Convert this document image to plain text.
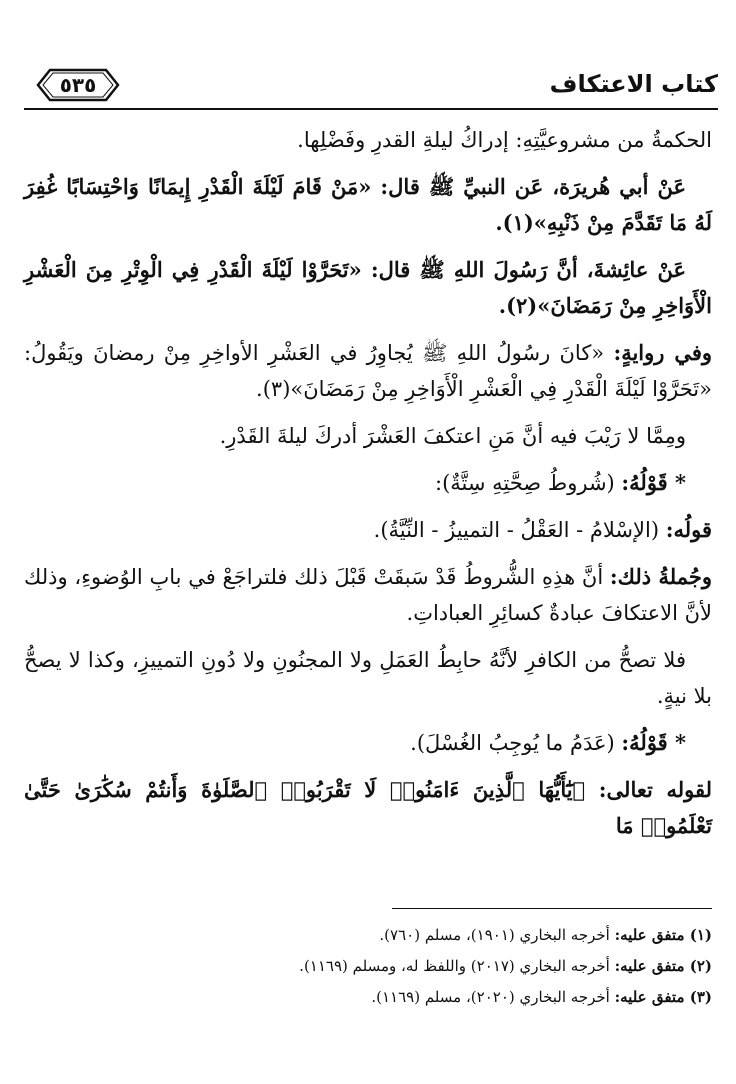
كتاب الاعتكاف
٥٣٥

الحكمةُ من مشروعيَّتِهِ: إدراكُ ليلةِ القدرِ وفَضْلِها.

عَنْ أبي هُريرَة، عَن النبيِّ ﷺ قال: «مَنْ قَامَ لَيْلَةَ الْقَدْرِ إِيمَانًا وَاحْتِسَابًا غُفِرَ لَهُ مَا تَقَدَّمَ مِنْ ذَنْبِهِ»(١).

عَنْ عائِشةَ، أنَّ رَسُولَ اللهِ ﷺ قال: «تَحَرَّوْا لَيْلَةَ الْقَدْرِ فِي الْوِتْرِ مِنَ الْعَشْرِ الْأَوَاخِرِ مِنْ رَمَضَانَ»(٢).

وفي روايةٍ: «كانَ رسُولُ اللهِ ﷺ يُجاوِرُ في العَشْرِ الأواخِرِ مِنْ رمضانَ ويَقُولُ: «تَحَرَّوْا لَيْلَةَ الْقَدْرِ فِي الْعَشْرِ الْأَوَاخِرِ مِنْ رَمَضَانَ»(٣).

ومِمَّا لا رَيْبَ فيه أنَّ مَنِ اعتكفَ العَشْرَ أدركَ ليلةَ القَدْرِ.

* قَوْلُهُ: (شُروطُ صِحَّتِهِ سِتَّةٌ):

قولُه: (الإسْلامُ - العَقْلُ - التمييزُ - النِّيَّةُ).

وجُملةُ ذلك: أنَّ هذِهِ الشُّروطُ قَدْ سَبقَتْ قَبْلَ ذلك فلتراجَعْ في بابِ الوُضوءِ، وذلك لأنَّ الاعتكافَ عبادةٌ كسائِرِ العباداتِ.

فلا تصحُّ من الكافرِ لأنَّهُ حابِطُ العَمَلِ ولا المجنُونِ ولا دُونِ التمييزِ، وكذا لا يصحُّ بلا نيةٍ.

* قَوْلُهُ: (عَدَمُ ما يُوجِبُ الغُسْلَ).

لقوله تعالى: ﴿يَٰٓأَيُّهَا ٱلَّذِينَ ءَامَنُوا۟ لَا تَقْرَبُوا۟ ٱلصَّلَوٰةَ وَأَنتُمْ سُكَٰرَىٰ حَتَّىٰ تَعْلَمُوا۟ مَا

(١) متفق عليه: أخرجه البخاري (١٩٠١)، مسلم (٧٦٠).

(٢) متفق عليه: أخرجه البخاري (٢٠١٧) واللفظ له، ومسلم (١١٦٩).

(٣) متفق عليه: أخرجه البخاري (٢٠٢٠)، مسلم (١١٦٩).
